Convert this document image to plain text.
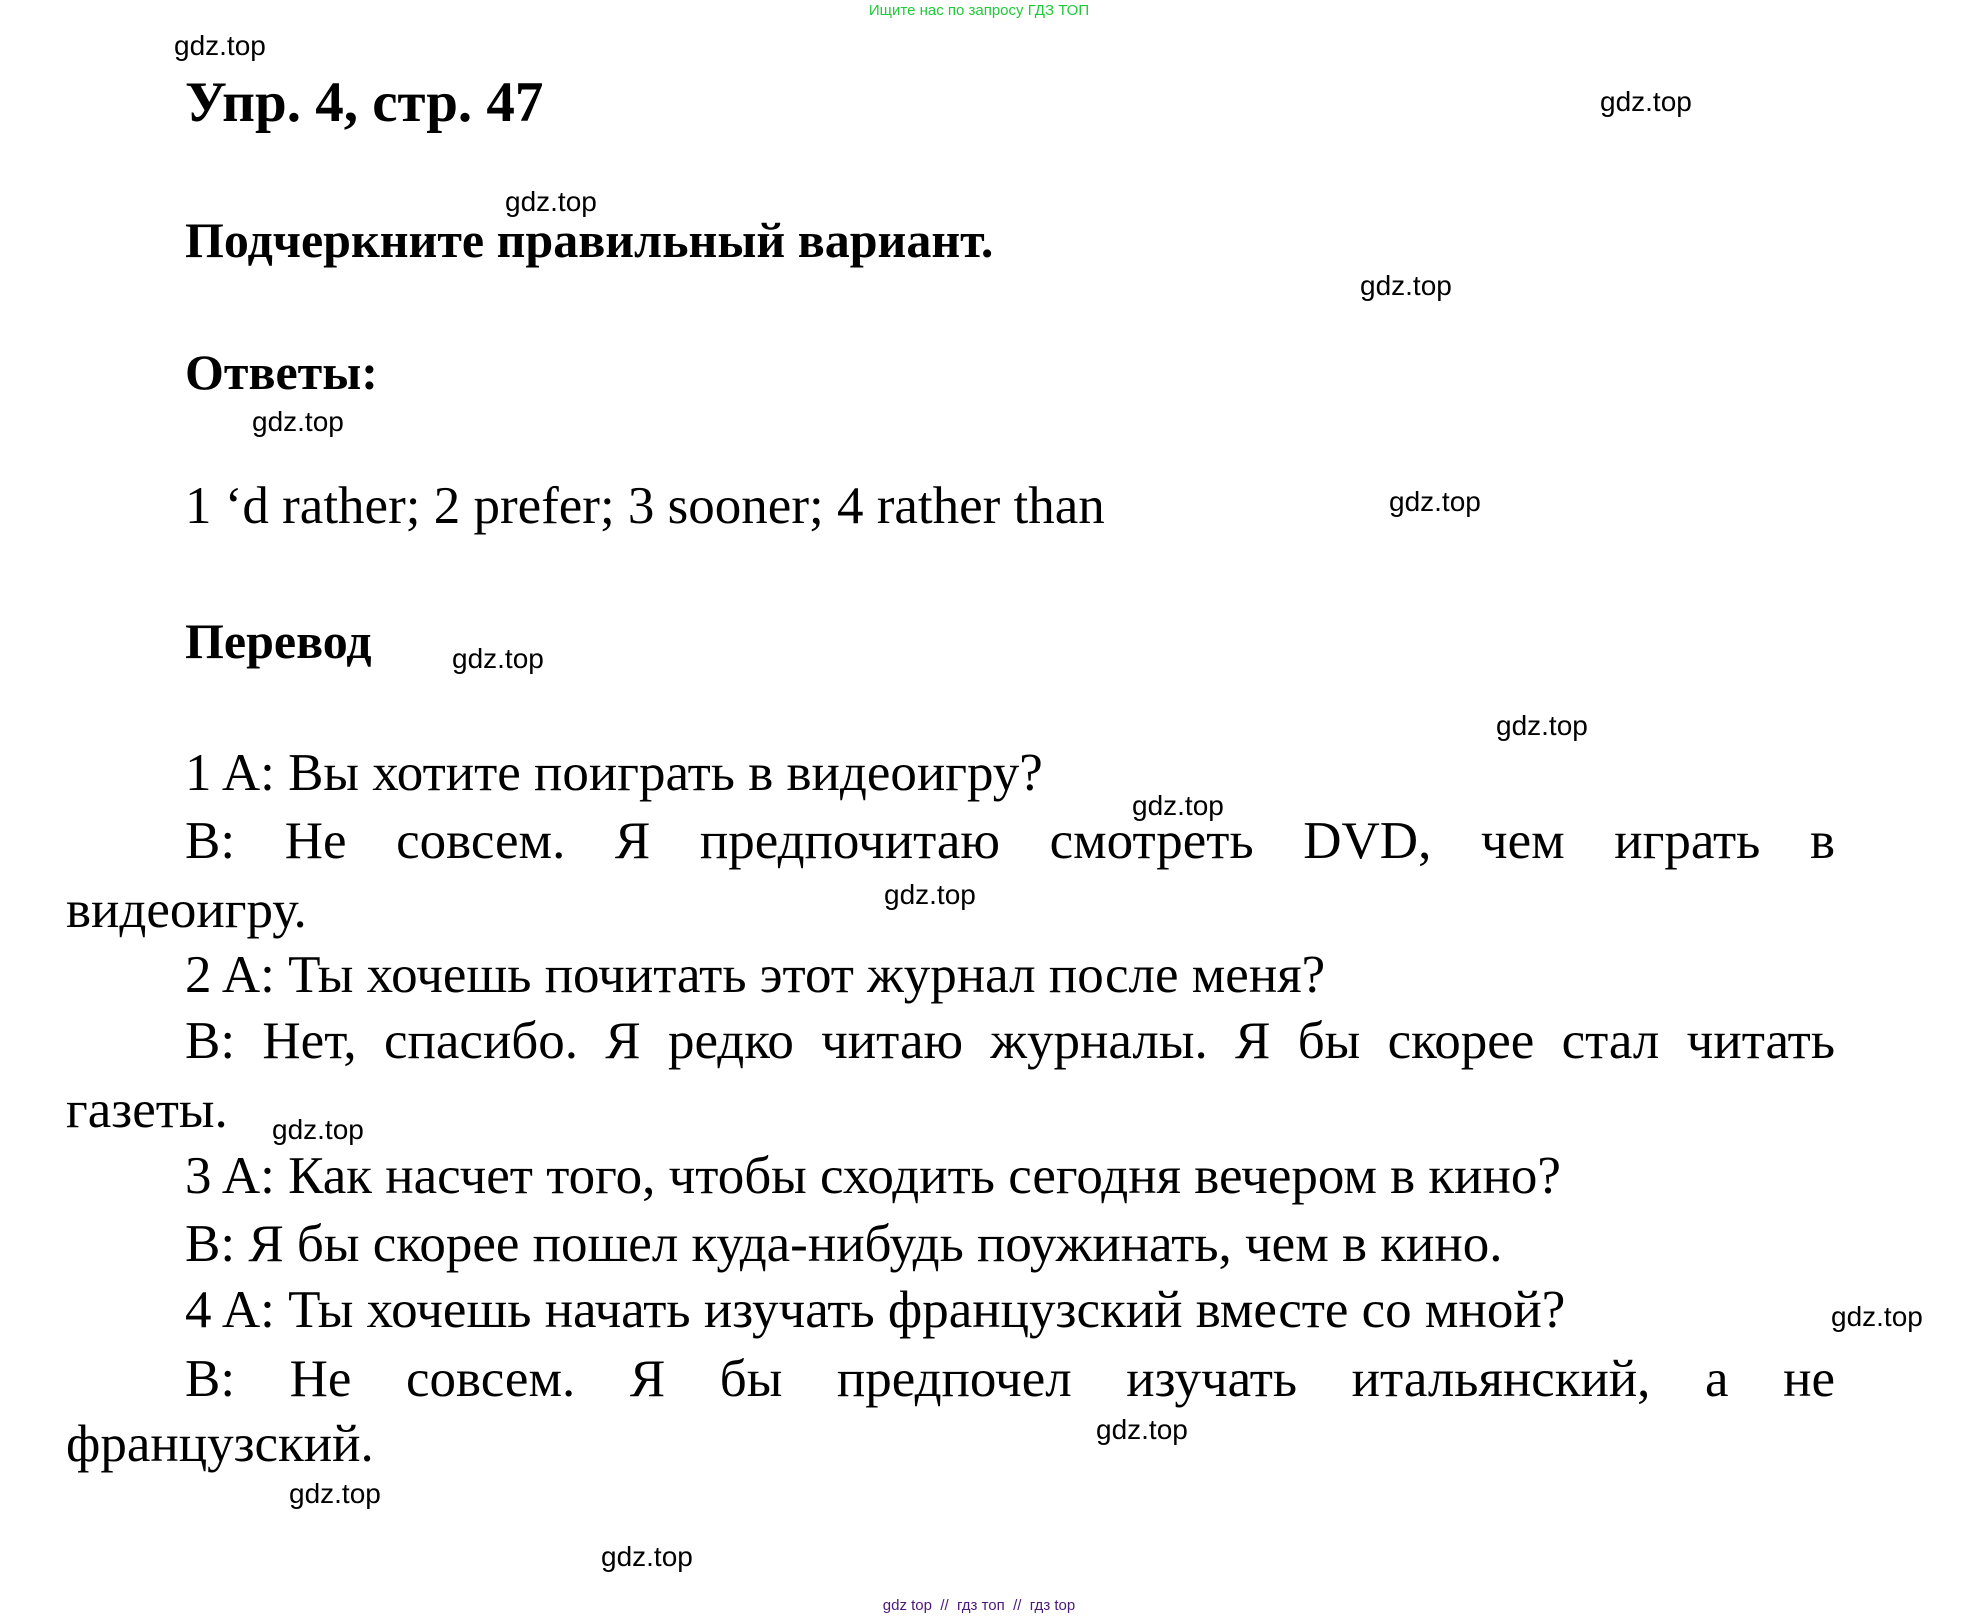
Ищите нас по запросу ГДЗ ТОП
Упр. 4, стр. 47
Подчеркните правильный вариант.
Ответы:
1 ‘d rather; 2 prefer; 3 sooner; 4 rather than
Перевод
1 A: Вы хотите поиграть в видеоигру?
B: Не совсем. Я предпочитаю смотреть DVD, чем играть в
видеоигру.
2 A: Ты хочешь почитать этот журнал после меня?
B: Нет, спасибо. Я редко читаю журналы. Я бы скорее стал читать
газеты.
3 A: Как насчет того, чтобы сходить сегодня вечером в кино?
B: Я бы скорее пошел куда-нибудь поужинать, чем в кино.
4 A: Ты хочешь начать изучать французский вместе со мной?
B: Не совсем. Я бы предпочел изучать итальянский, а не
французский.
gdz.top
gdz.top
gdz.top
gdz.top
gdz.top
gdz.top
gdz.top
gdz.top
gdz.top
gdz.top
gdz.top
gdz.top
gdz.top
gdz.top
gdz.top
gdz top  //  гдз топ  //  гдз top
